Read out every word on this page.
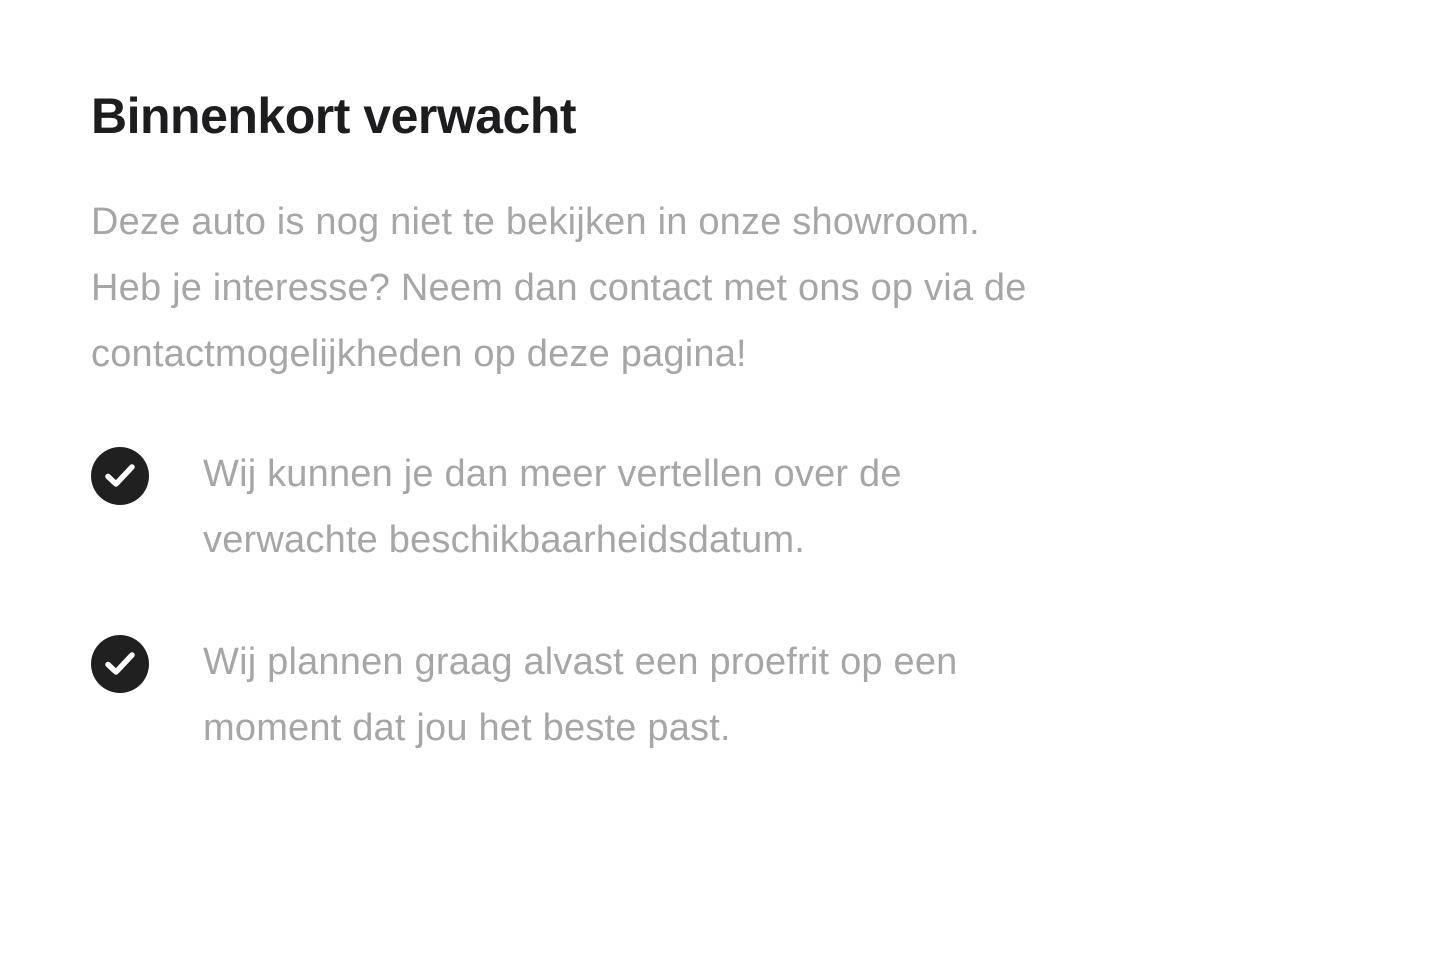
Binnenkort verwacht

Deze auto is nog niet te bekijken in onze showroom.
Heb je interesse? Neem dan contact met ons op via de
contactmogelijkheden op deze pagina!

Wij kunnen je dan meer vertellen over de
verwachte beschikbaarheidsdatum.
Wij plannen graag alvast een proefrit op een
moment dat jou het beste past.
